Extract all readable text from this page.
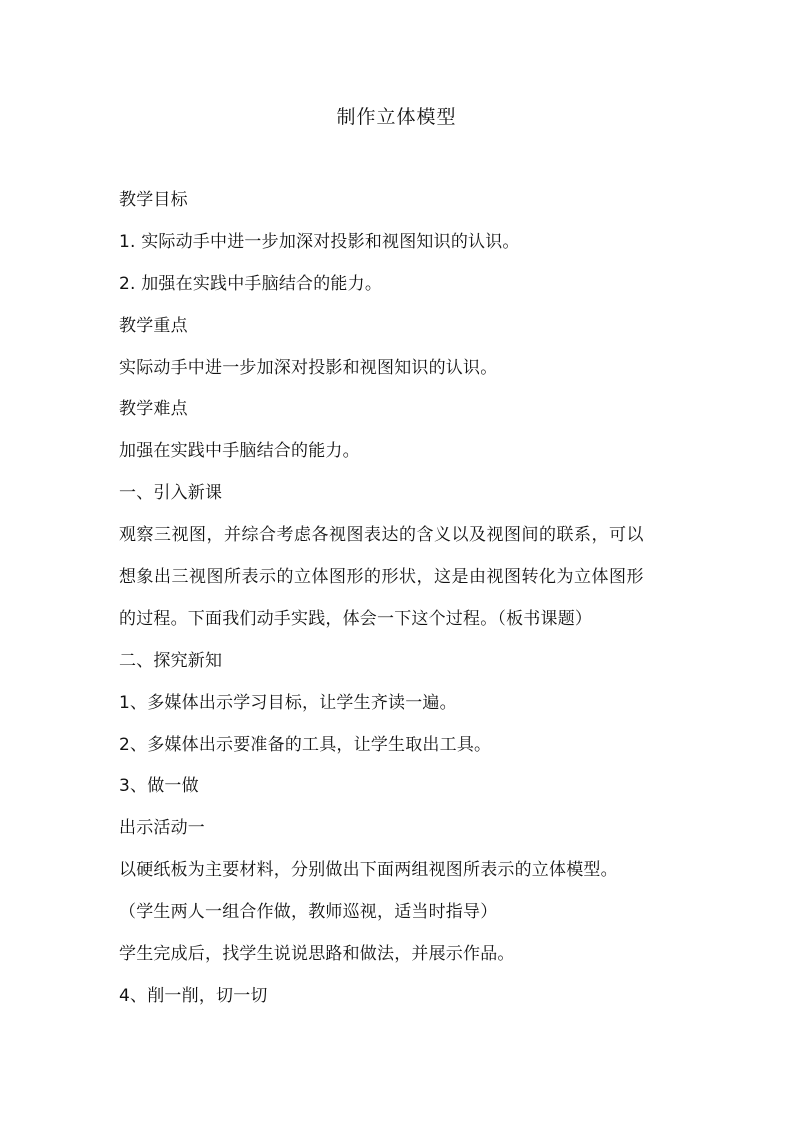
制作立体模型
教学目标
1. 实际动手中进一步加深对投影和视图知识的认识。
2. 加强在实践中手脑结合的能力。
教学重点
实际动手中进一步加深对投影和视图知识的认识。
教学难点
加强在实践中手脑结合的能力。
一、引入新课
观察三视图，并综合考虑各视图表达的含义以及视图间的联系，可以
想象出三视图所表示的立体图形的形状，这是由视图转化为立体图形
的过程。下面我们动手实践，体会一下这个过程。（板书课题）
二、探究新知
1、多媒体出示学习目标，让学生齐读一遍。
2、多媒体出示要准备的工具，让学生取出工具。
3、做一做
出示活动一
以硬纸板为主要材料，分别做出下面两组视图所表示的立体模型。
（学生两人一组合作做，教师巡视，适当时指导）
学生完成后，找学生说说思路和做法，并展示作品。
4、削一削，切一切
